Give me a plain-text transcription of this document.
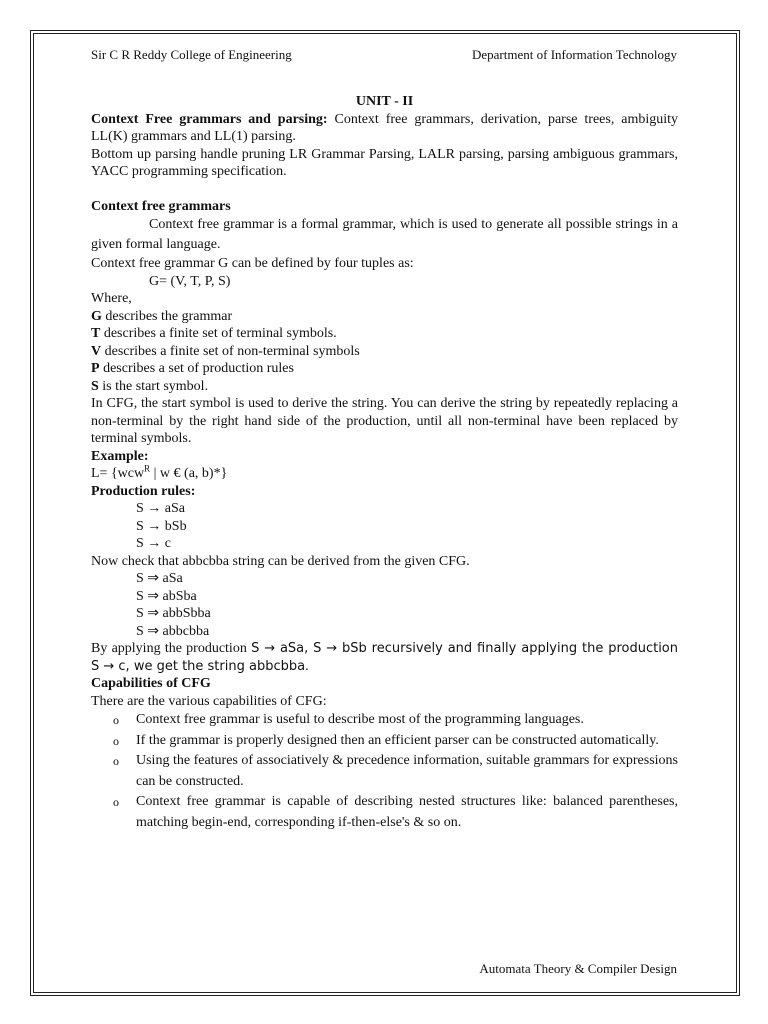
Sir C R Reddy College of Engineering	Department of Information Technology

UNIT - II

Context Free grammars and parsing: Context free grammars, derivation, parse trees, ambiguity LL(K) grammars and LL(1) parsing.

Bottom up parsing handle pruning LR Grammar Parsing, LALR parsing, parsing ambiguous grammars, YACC programming specification.

Context free grammars

Context free grammar is a formal grammar, which is used to generate all possible strings in a given formal language.

Context free grammar G can be defined by four tuples as:

G= (V, T, P, S)

Where,

G describes the grammar

T describes a finite set of terminal symbols.

V describes a finite set of non-terminal symbols

P describes a set of production rules

S is the start symbol.

In CFG, the start symbol is used to derive the string. You can derive the string by repeatedly replacing a non-terminal by the right hand side of the production, until all non-terminal have been replaced by terminal symbols.

Example:

L= {wcw$^R$ | w € (a, b)*}

Production rules:

S → aSa

S → bSb

S → c

Now check that abbcbba string can be derived from the given CFG.

S ⇒ aSa

S ⇒ abSba

S ⇒ abbSbba

S ⇒ abbcbba

By applying the production S → aSa, S → bSb recursively and finally applying the production S → c, we get the string abbcbba.

Capabilities of CFG

There are the various capabilities of CFG:

o Context free grammar is useful to describe most of the programming languages.
o If the grammar is properly designed then an efficient parser can be constructed automatically.
o Using the features of associatively & precedence information, suitable grammars for expressions can be constructed.
o Context free grammar is capable of describing nested structures like: balanced parentheses, matching begin-end, corresponding if-then-else's & so on.
Automata Theory & Compiler Design
